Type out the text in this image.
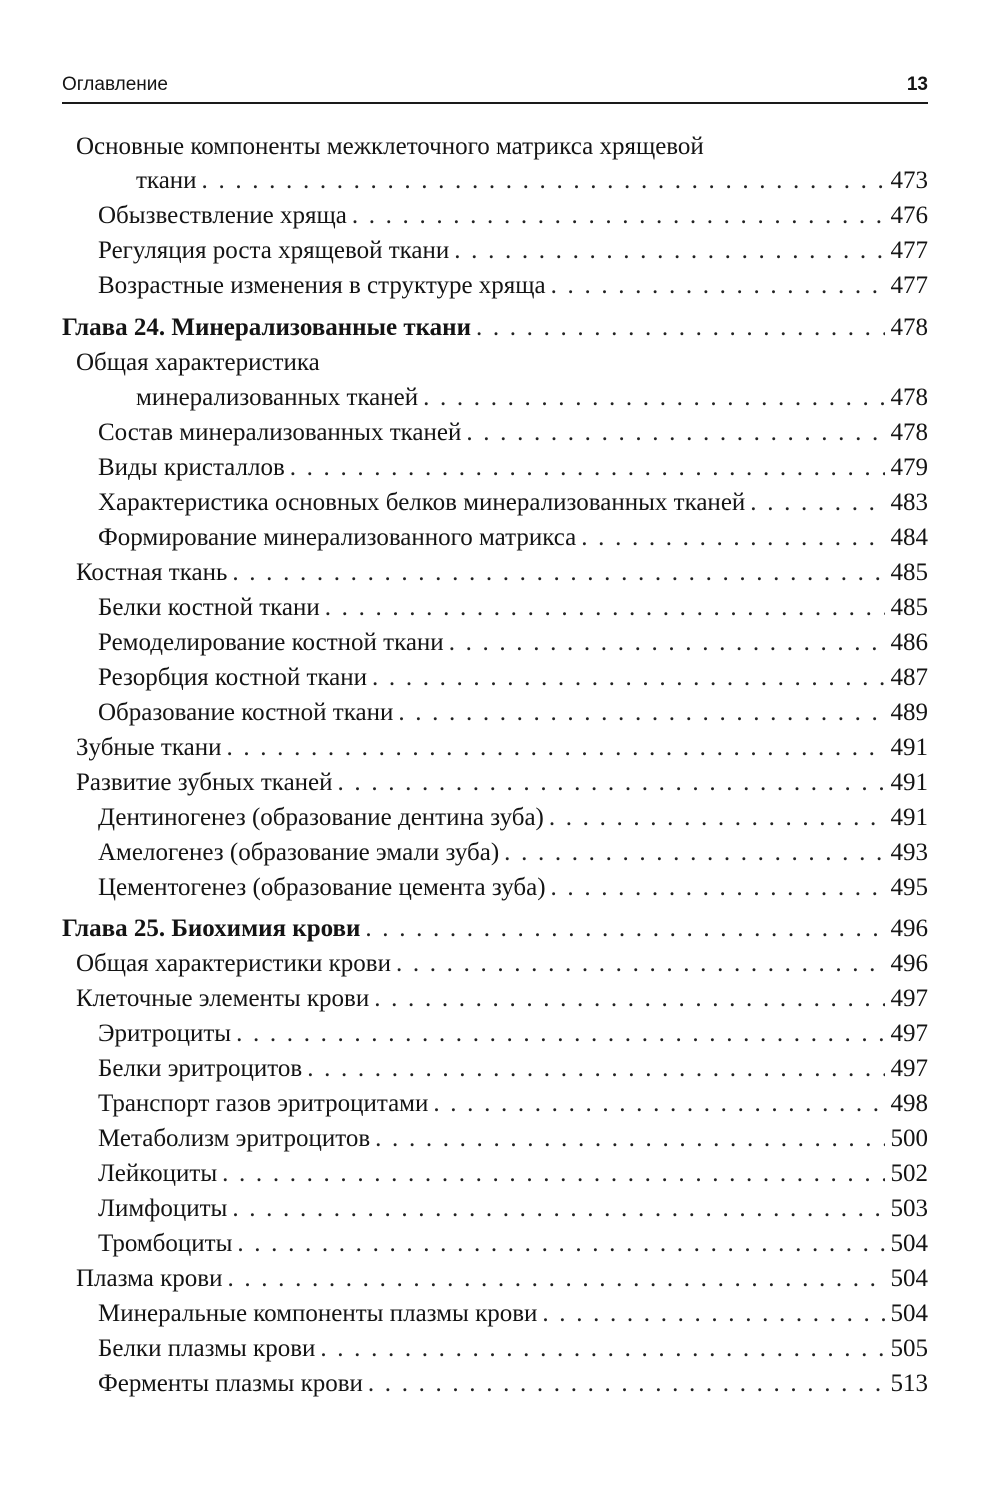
Оглавление	13
Основные компоненты межклеточного матрикса хрящевой
ткани . . .	473
Обызвествление хряща . . .	476
Регуляция роста хрящевой ткани . . .	477
Возрастные изменения в структуре хряща . . .	477
Глава 24. Минерализованные ткани . . .	478
Общая характеристика
минерализованных тканей . . .	478
Состав минерализованных тканей . . .	478
Виды кристаллов . . .	479
Характеристика основных белков минерализованных тканей . . .	483
Формирование минерализованного матрикса . . .	484
Костная ткань . . .	485
Белки костной ткани . . .	485
Ремоделирование костной ткани . . .	486
Резорбция костной ткани . . .	487
Образование костной ткани . . .	489
Зубные ткани . . .	491
Развитие зубных тканей . . .	491
Дентиногенез (образование дентина зуба) . . .	491
Амелогенез (образование эмали зуба) . . .	493
Цементогенез (образование цемента зуба) . . .	495
Глава 25. Биохимия крови . . .	496
Общая характеристики крови . . .	496
Клеточные элементы крови . . .	497
Эритроциты . . .	497
Белки эритроцитов . . .	497
Транспорт газов эритроцитами . . .	498
Метаболизм эритроцитов . . .	500
Лейкоциты . . .	502
Лимфоциты . . .	503
Тромбоциты . . .	504
Плазма крови . . .	504
Минеральные компоненты плазмы крови . . .	504
Белки плазмы крови . . .	505
Ферменты плазмы крови . . .	513
